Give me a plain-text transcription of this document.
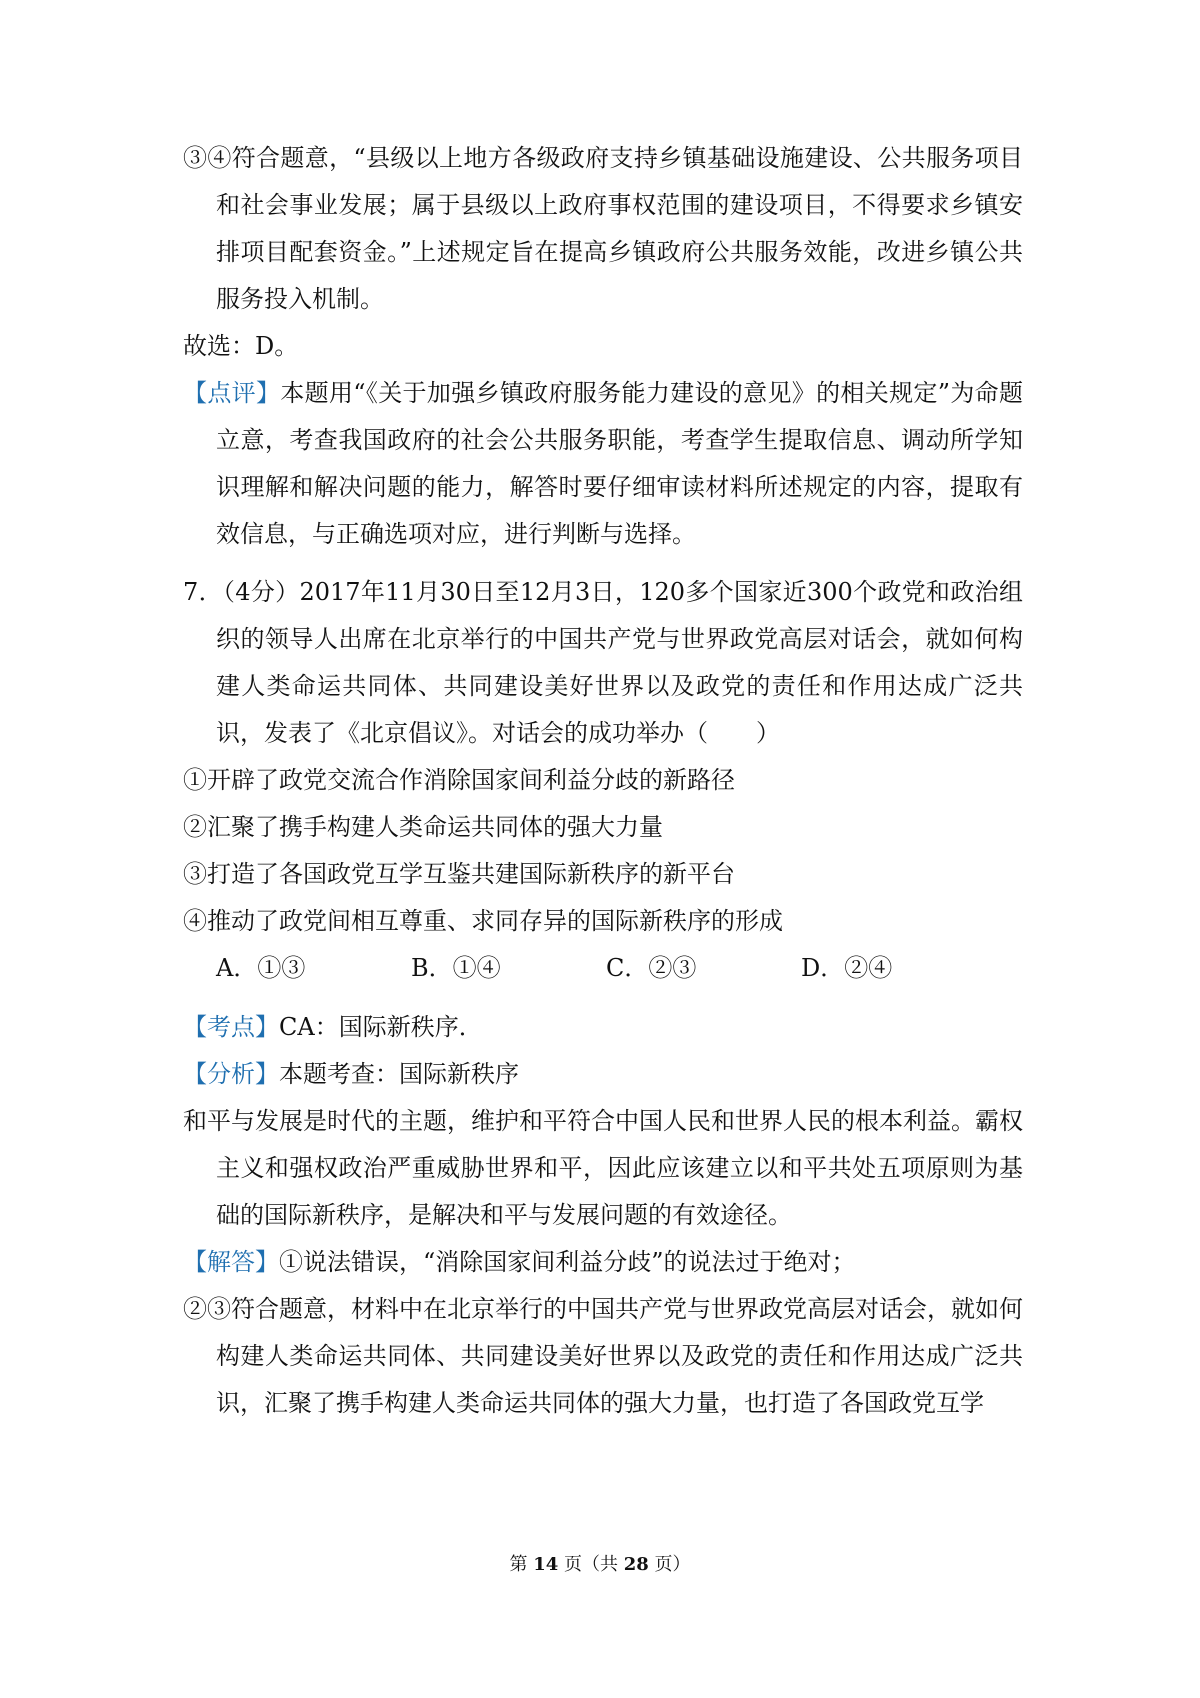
③④符合题意，“县级以上地方各级政府支持乡镇基础设施建设、公共服务项目和社会事业发展；属于县级以上政府事权范围的建设项目，不得要求乡镇安排项目配套资金。”上述规定旨在提高乡镇政府公共服务效能，改进乡镇公共服务投入机制。

故选：D。

【点评】本题用“《关于加强乡镇政府服务能力建设的意见》的相关规定”为命题立意，考查我国政府的社会公共服务职能，考查学生提取信息、调动所学知识理解和解决问题的能力，解答时要仔细审读材料所述规定的内容，提取有效信息，与正确选项对应，进行判断与选择。

7．（4分）2017年11月30日至12月3日，120多个国家近300个政党和政治组织的领导人出席在北京举行的中国共产党与世界政党高层对话会，就如何构建人类命运共同体、共同建设美好世界以及政党的责任和作用达成广泛共识，发表了《北京倡议》。对话会的成功举办（　　）

①开辟了政党交流合作消除国家间利益分歧的新路径

②汇聚了携手构建人类命运共同体的强大力量

③打造了各国政党互学互鉴共建国际新秩序的新平台

④推动了政党间相互尊重、求同存异的国际新秩序的形成

A．①③	B．①④	C．②③	D．②④

【考点】CA：国际新秩序．

【分析】本题考查：国际新秩序

和平与发展是时代的主题，维护和平符合中国人民和世界人民的根本利益。霸权主义和强权政治严重威胁世界和平，因此应该建立以和平共处五项原则为基础的国际新秩序，是解决和平与发展问题的有效途径。

【解答】①说法错误，“消除国家间利益分歧”的说法过于绝对；

②③符合题意，材料中在北京举行的中国共产党与世界政党高层对话会，就如何构建人类命运共同体、共同建设美好世界以及政党的责任和作用达成广泛共识，汇聚了携手构建人类命运共同体的强大力量，也打造了各国政党互学

第 14 页（共 28 页）
